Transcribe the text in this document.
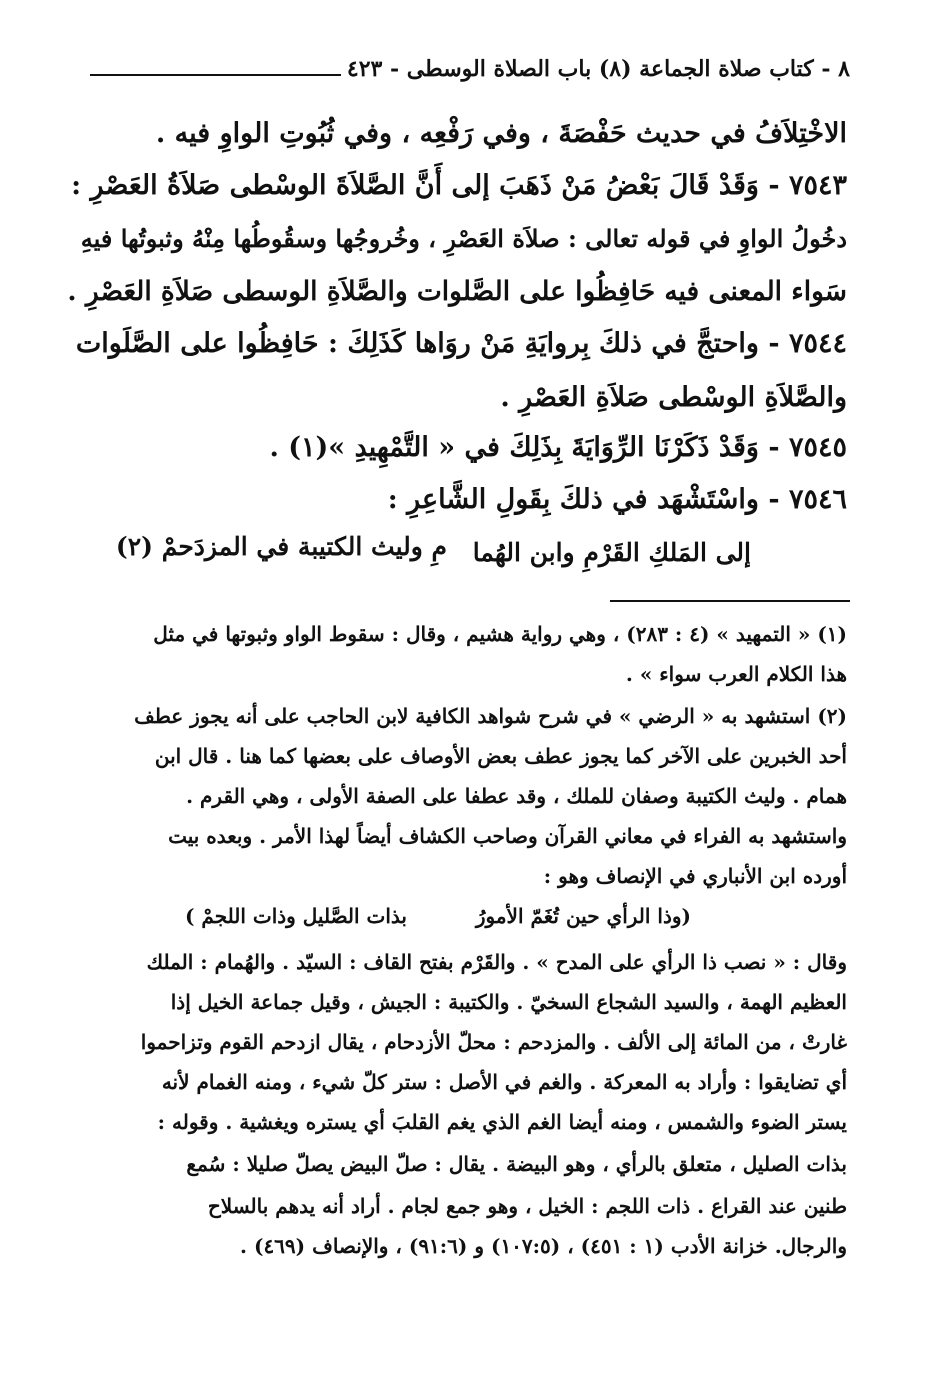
٨ - كتاب صلاة الجماعة (٨) باب الصلاة الوسطى - ٤٢٣
الاخْتِلاَفُ في حديث حَفْصَةَ ، وفي رَفْعِه ، وفي ثُبُوتِ الواوِ فيه .
٧٥٤٣ - وَقَدْ قَالَ بَعْضُ مَنْ ذَهَبَ إلى أَنَّ الصَّلاَةَ الوسْطى صَلاَةُ العَصْرِ :
دخُولُ الواوِ في قوله تعالى : صلاَة العَصْرِ ، وخُروجُها وسقُوطُها مِنْهُ وثبوتُها فيهِ
سَواء المعنى فيه حَافِظُوا على الصَّلوات والصَّلاَةِ الوسطى صَلاَةِ العَصْرِ .
٧٥٤٤ - واحتجَّ في ذلكَ بِروايَةِ مَنْ روَاها كَذَلِكَ : حَافِظُوا على الصَّلَوات
والصَّلاَةِ الوسْطى صَلاَةِ العَصْرِ .
٧٥٤٥ - وَقَدْ ذَكَرْنَا الرِّوَايَةَ بِذَلِكَ في « التَّمْهِيدِ »(١) .
٧٥٤٦ - واسْتَشْهَد في ذلكَ بِقَولِ الشَّاعِرِ :
إلى المَلكِ القَرْمِ وابن الهُما
مِ وليث الكتيبة في المزدَحمْ (٢)
(١) « التمهيد » (٤ : ٢٨٣) ، وهي رواية هشيم ، وقال : سقوط الواو وثبوتها في مثل
هذا الكلام العرب سواء » .
(٢) استشهد به « الرضي » في شرح شواهد الكافية لابن الحاجب على أنه يجوز عطف
أحد الخبرين على الآخر كما يجوز عطف بعض الأوصاف على بعضها كما هنا . قال ابن
همام . وليث الكتيبة وصفان للملك ، وقد عطفا على الصفة الأولى ، وهي القرم .
واستشهد به الفراء في معاني القرآن وصاحب الكشاف أيضاً لهذا الأمر . وبعده بيت
أورده ابن الأنباري في الإنصاف وهو :
(وذا الرأي حين تُغَمّ الأمورُ
بذات الصَّليل وذات اللجمْ )
وقال : « نصب ذا الرأي على المدح » . والقَرْم بفتح القاف : السيّد . والهُمام : الملك
العظيم الهمة ، والسيد الشجاع السخيّ . والكتيبة : الجيش ، وقيل جماعة الخيل إذا
غارتْ ، من المائة إلى الألف . والمزدحم : محلّ الأزدحام ، يقال ازدحم القوم وتزاحموا
أي تضايقوا : وأراد به المعركة . والغم في الأصل : ستر كلّ شيء ، ومنه الغمام لأنه
يستر الضوء والشمس ، ومنه أيضا الغم الذي يغم القلبَ أي يستره ويغشية . وقوله :
بذات الصليل ، متعلق بالرأي ، وهو البيضة . يقال : صلّ البيض يصلّ صليلا : سُمع
طنين عند القراع . ذات اللجم : الخيل ، وهو جمع لجام . أراد أنه يدهم بالسلاح
والرجال. خزانة الأدب (١ : ٤٥١) ، (١٠٧:٥) و (٩١:٦) ، والإنصاف (٤٦٩) .
